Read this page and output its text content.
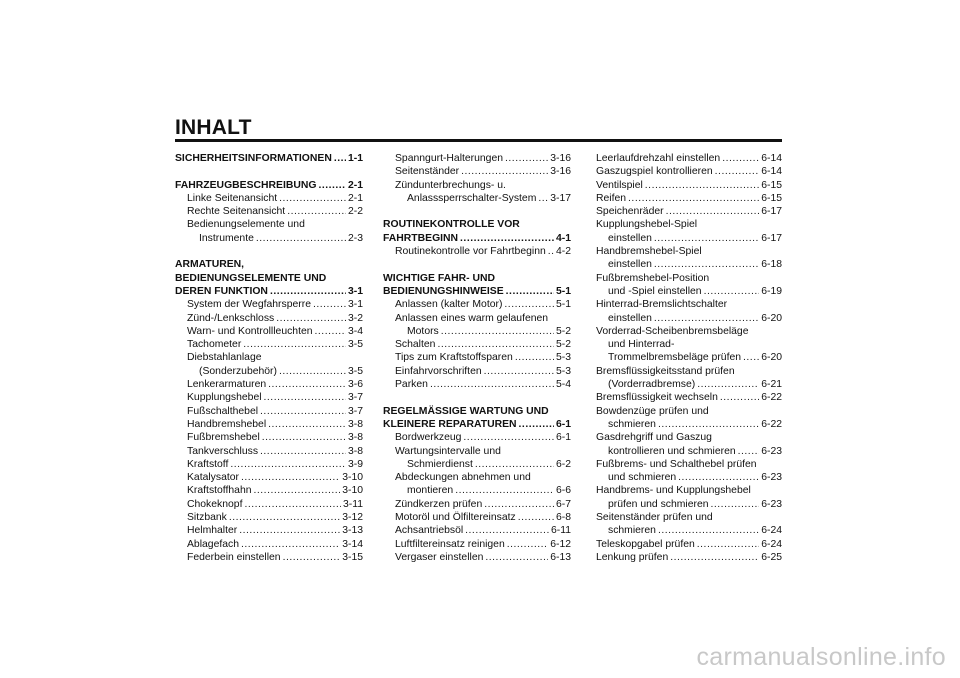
INHALT
SICHERHEITSINFORMATIONEN ..... 1-1
FAHRZEUGBESCHREIBUNG .....	2-1
Linke Seitenansicht .....	2-1
Rechte Seitenansicht .....	2-2
Bedienungselemente und
Instrumente .....	2-3
ARMATUREN,
BEDIENUNGSELEMENTE UND
DEREN FUNKTION .....	3-1
System der Wegfahrsperre .....	3-1
Zünd-/Lenkschloss .....	3-2
Warn- und Kontrollleuchten .....	3-4
Tachometer .....	3-5
Diebstahlanlage
(Sonderzubehör) .....	3-5
Lenkerarmaturen .....	3-6
Kupplungshebel .....	3-7
Fußschalthebel .....	3-7
Handbremshebel .....	3-8
Fußbremshebel .....	3-8
Tankverschluss .....	3-8
Kraftstoff .....	3-9
Katalysator .....	3-10
Kraftstoffhahn .....	3-10
Chokeknopf .....	3-11
Sitzbank .....	3-12
Helmhalter .....	3-13
Ablagefach .....	3-14
Federbein einstellen .....	3-15
Spanngurt-Halterungen .....	3-16
Seitenständer .....	3-16
Zündunterbrechungs- u.
Anlasssperrschalter-System ..... 3-17
ROUTINEKONTROLLE VOR
FAHRTBEGINN .....	4-1
Routinekontrolle vor Fahrtbeginn ..... 4-2
WICHTIGE FAHR- UND
BEDIENUNGSHINWEISE .....	5-1
Anlassen (kalter Motor) .....	5-1
Anlassen eines warm gelaufenen
Motors .....	5-2
Schalten .....	5-2
Tips zum Kraftstoffsparen .....	5-3
Einfahrvorschriften .....	5-3
Parken .....	5-4
REGELMÄSSIGE WARTUNG UND
KLEINERE REPARATUREN .....	6-1
Bordwerkzeug .....	6-1
Wartungsintervalle und
Schmierdienst .....	6-2
Abdeckungen abnehmen und
montieren .....	6-6
Zündkerzen prüfen .....	6-7
Motoröl und Ölfiltereinsatz .....	6-8
Achsantriebsöl .....	6-11
Luftfiltereinsatz reinigen .....	6-12
Vergaser einstellen .....	6-13
Leerlaufdrehzahl einstellen .....	6-14
Gaszugspiel kontrollieren .....	6-14
Ventilspiel .....	6-15
Reifen .....	6-15
Speichenräder .....	6-17
Kupplungshebel-Spiel
einstellen .....	6-17
Handbremshebel-Spiel
einstellen .....	6-18
Fußbremshebel-Position
und -Spiel einstellen .....	6-19
Hinterrad-Bremslichtschalter
einstellen .....	6-20
Vorderrad-Scheibenbremsbeläge
und Hinterrad-
Trommelbremsbeläge prüfen ..... 6-20
Bremsflüssigkeitsstand prüfen
(Vorderradbremse) .....	6-21
Bremsflüssigkeit wechseln .....	6-22
Bowdenzüge prüfen und
schmieren .....	6-22
Gasdrehgriff und Gaszug
kontrollieren und schmieren ..... 6-23
Fußbrems- und Schalthebel prüfen
und schmieren .....	6-23
Handbrems- und Kupplungshebel
prüfen und schmieren .....	6-23
Seitenständer prüfen und
schmieren .....	6-24
Teleskopgabel prüfen .....	6-24
Lenkung prüfen .....	6-25
carmanualsonline.info
